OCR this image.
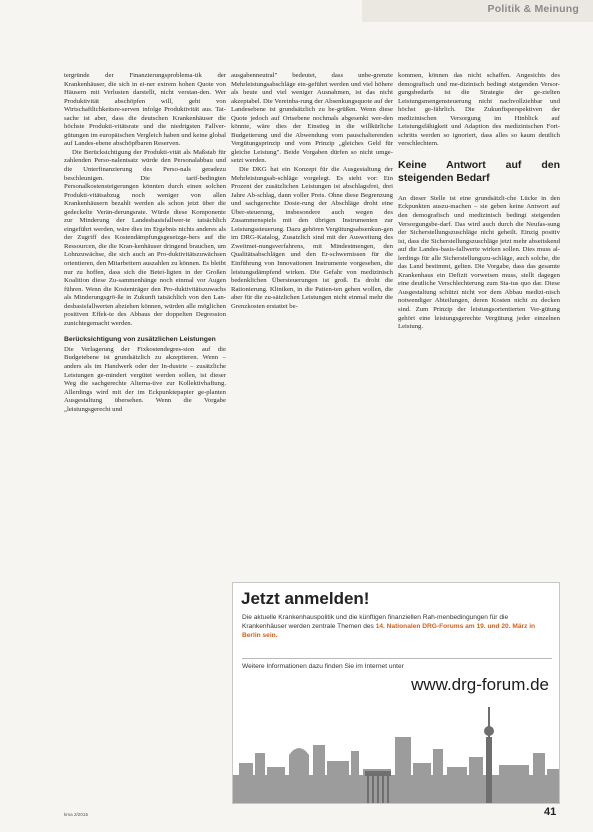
Politik & Meinung

tergründe der Finanzierungsproblema-tik der Krankenhäuser, die sich in ei-ner extrem hohen Quote von Häusern mit Verlusten darstellt, nicht verstan-den. Wer Produktivität abschöpfen will, geht von Wirtschaftlichkeitsre-serven infolge Produktivität aus. Tat-sache ist aber, dass die deutschen Krankenhäuser die höchste Produkti-vitätsrate und die niedrigsten Fallver-gütungen im europäischen Vergleich haben und keine global auf Landes-ebene abschöpfbaren Reserven.

Die Berücksichtigung der Produkti-vität als Maßstab für zahlenden Perso-nalentsatz würde den Personalabbau und die Unterfinanzierung des Perso-nals geradezu beschleunigen. Die tarif-bedingten Personalkostensteigerungen könnten durch einen solchen Produkti-vitätsabzug noch weniger von allen Krankenhäusern bezahlt werden als schon jetzt über die gedeckelte Verän-derungsrate. Würde diese Komponente zur Minderung der Landesbasisfallwer-te tatsächlich eingeführt werden, wäre dies im Ergebnis nichts anderes als der Zugriff des Kostendämpfungsgesetzge-bers auf die Ressourcen, die die Kran-kenhäuser dringend brauchen, um Lohnzuwächse, die sich auch an Pro-duktivitätszuwächsen orientieren, den Mitarbeitern auszahlen zu können. Es bleibt nur zu hoffen, dass sich die Betei-ligten in der Großen Koalition diese Zu-sammenhänge noch einmal vor Augen führen. Wenn die Kostenträger den Pro-duktivitätszuwachs als Minderungsgrö-ße in Zukunft tatsächlich von den Lan-desbasisfallwerten abziehen können, würden alle möglichen positiven Effek-te des Abbaus der doppelten Degression zunichtegemacht werden.

Berücksichtigung von zusätzlichen Leistungen

Die Verlagerung der Fixkostendegres-sion auf die Budgetebene ist grundsätzlich zu akzeptieren. Wenn – anders als im Handwerk oder der In-dustrie – zusätzliche Leistungen ge-mindert vergütet werden sollen, ist dieser Weg die sachgerechte Alterna-tive zur Kollektivhaftung. Allerdings wird mit der im Eckpunktepapier ge-planten Ausgestaltung übersehen. Wenn die Vorgabe „leistungsgerecht und

ausgabenneutral" bedeutet, dass unbe-grenzte Mehrleistungsabschläge ein-geführt werden und viel höhere als heute und viel weniger Ausnahmen, ist das nicht akzeptabel. Die Vereinba-rung der Absenkungsquote auf der Landesebene ist grundsätzlich zu be-grüßen. Wenn diese Quote jedoch auf Ortsebene nochmals abgesenkt wer-den könnte, wäre dies der Einstieg in die willkürliche Budgetierung und die Abwendung vom pauschalierenden Vergütungsprinzip und vom Prinzip „gleiches Geld für gleiche Leistung". Beide Vorgaben dürfen so nicht umge-setzt werden.

Die DKG hat ein Konzept für die Ausgestaltung der Mehrleistungsab-schläge vorgelegt. Es sieht vor: Ein Prozent der zusätzlichen Leistungen ist abschlagsfrei, drei Jahre Ab-schlag, dann voller Preis. Ohne diese Begrenzung und sachgerechte Dosie-rung der Abschläge droht eine Über-steuerung, insbesondere auch wegen des Zusammenspiels mit den übrigen Instrumenten zur Leistungssteuerung. Dazu gehören Vergütungsabsenkun-gen im DRG-Katalog, Zusatzlich sind mit der Ausweitung des Zweitmei-nungsverfahrens, mit Mindestmengen, den Qualitätsabschlägen und den Er-schwernissen für die Einführung von Innovationen Instrumente vorgesehen, die leistungsdämpfend wirken. Die Gefahr von medizinisch bedenklichen Übersteuerungen ist groß. Es droht die Rationierung. Kliniken, in die Patien-ten gehen wollen, die aber für die zu-sätzlichen Leistungen nicht einmal mehr die Grenzkosten erstattet be-

kommen, können das nicht schaffen. Angesichts des demografisch und me-dizinisch bedingt steigenden Versor-gungsbedarfs ist die Strategie der ge-zielten Leistungsmengensteuerung nicht nachvollziehbar und höchst ge-fährlich. Die Zukunftsperspektiven der medizinischen Versorgung im Hinblick auf Leistungsfähigkeit und Adaption des medizinischen Fort-schritts werden so ignoriert, dass alles so kaum deutlich verschlechtern.

Keine Antwort auf den steigenden Bedarf

An dieser Stelle ist eine grundsätzli-che Lücke in den Eckpunkten auszu-machen – sie geben keine Antwort auf den demografisch und medizinisch bedingt steigenden Versorgungsbe-darf. Das wird auch durch die Neufas-sung der Sicherstellungszuschläge nicht geheilt. Einzig positiv ist, dass die Sicherstellungszuschläge jetzt mehr abseitskend auf die Landes-basis-fallwerte wirken sollen. Dies muss al-lerdings für alle Sicherstellungszu-schläge, auch solche, die das Land bestimmt, gelten. Die Vorgabe, dass das gesamte Krankenhaus ein Defizit vorweisen muss, stellt dagegen eine deutliche Verschlechterung zum Sta-tus quo dar. Diese Ausgestaltung schützt nicht vor dem Abbau medizi-nisch notwendiger Abteilungen, deren Kosten nicht zu decken sind. Zum Prinzip der leistungsorientierten Ver-gütung gehört eine leistungsgerechte Vergütung jeder einzelnen Leistung.

Jetzt anmelden!
Die aktuelle Krankenhauspolitik und die künftigen finanziellen Rah-menbedingungen für die Krankenhäuser werden zentrale Themen des 14. Nationalen DRG-Forums am 19. und 20. März in Berlin sein.
Weitere Informationen dazu finden Sie im Internet unter
www.drg-forum.de
kma 2/2015	41
